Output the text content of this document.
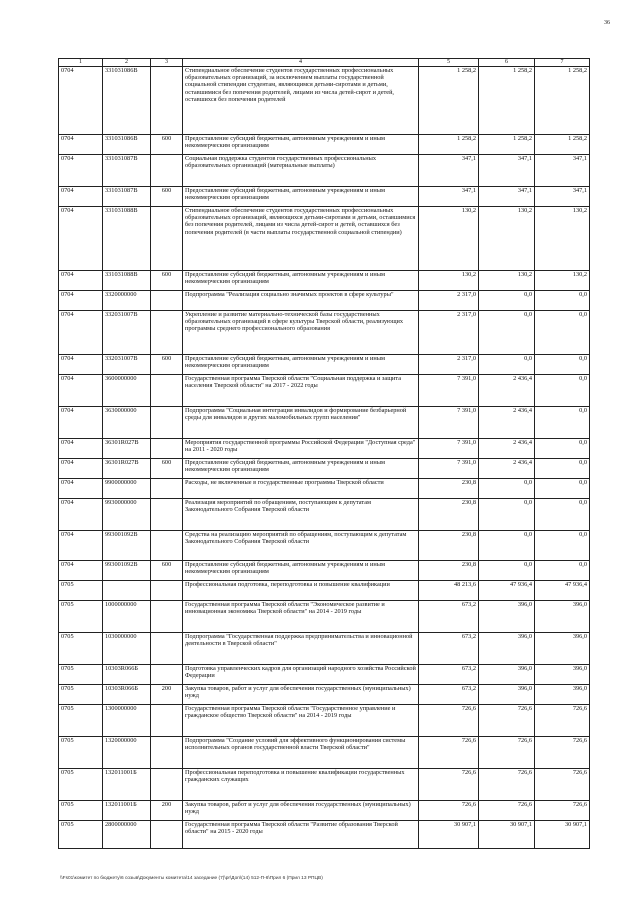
36
1	2	3	4	5	6	7
0704	331031086В		Стипендиальное обеспечение студентов государственных профессиональных образовательных организаций, за исключением выплаты государственной социальной стипендии студентам, являющимся детьми-сиротами и детьми, оставшимися без попечения родителей, лицами из числа детей-сирот и детей, оставшихся без попечения родителей	1 258,2	1 258,2	1 258,2
0704	331031086В	600	Предоставление субсидий бюджетным, автономным учреждениям и иным некоммерческим организациям	1 258,2	1 258,2	1 258,2
0704	331031087В		Социальная поддержка студентов государственных профессиональных образовательных организаций (материальные выплаты)	347,1	347,1	347,1
0704	331031087В	600	Предоставление субсидий бюджетным, автономным учреждениям и иным некоммерческим организациям	347,1	347,1	347,1
0704	331031088В		Стипендиальное обеспечение студентов государственных профессиональных образовательных организаций, являющихся детьми-сиротами и детьми, оставшимися без попечения родителей, лицами из числа детей-сирот и детей, оставшихся без попечения родителей (в части выплаты государственной социальной стипендии)	130,2	130,2	130,2
0704	331031088В	600	Предоставление субсидий бюджетным, автономным учреждениям и иным некоммерческим организациям	130,2	130,2	130,2
0704	3320000000		Подпрограмма "Реализация социально значимых проектов в сфере культуры"	2 317,0	0,0	0,0
0704	332031007В		Укрепление и развитие материально-технической базы государственных образовательных организаций в сфере культуры Тверской области, реализующих программы среднего профессионального образования	2 317,0	0,0	0,0
0704	332031007В	600	Предоставление субсидий бюджетным, автономным учреждениям и иным некоммерческим организациям	2 317,0	0,0	0,0
0704	3600000000		Государственная программа Тверской области "Социальная поддержка и защита населения Тверской области" на 2017 - 2022 годы	7 391,0	2 436,4	0,0
0704	3630000000		Подпрограмма "Социальная интеграция инвалидов и формирование безбарьерной среды для инвалидов и других маломобильных групп населения"	7 391,0	2 436,4	0,0
0704	36301R027В		Мероприятия государственной программы Российской Федерации "Доступная среда" на 2011 - 2020 годы	7 391,0	2 436,4	0,0
0704	36301R027В	600	Предоставление субсидий бюджетным, автономным учреждениям и иным некоммерческим организациям	7 391,0	2 436,4	0,0
0704	9900000000		Расходы, не включенные в государственные программы Тверской области	230,8	0,0	0,0
0704	9930000000		Реализация мероприятий по обращениям, поступающим к депутатам Законодательного Собрания Тверской области	230,8	0,0	0,0
0704	993001092В		Средства на реализацию мероприятий по обращениям, поступающим к депутатам Законодательного Собрания Тверской области	230,8	0,0	0,0
0704	993001092В	600	Предоставление субсидий бюджетным, автономным учреждениям и иным некоммерческим организациям	230,8	0,0	0,0
0705			Профессиональная подготовка, переподготовка и повышение квалификации	48 213,6	47 936,4	47 936,4
0705	1000000000		Государственная программа Тверской области "Экономическое развитие и инновационная экономика Тверской области" на 2014 - 2019 годы	673,2	396,0	396,0
0705	1030000000		Подпрограмма "Государственная поддержка предпринимательства и инновационной деятельности в Тверской области"	673,2	396,0	396,0
0705	10303R066Б		Подготовка управленческих кадров для организаций народного хозяйства Российской Федерации	673,2	396,0	396,0
0705	10303R066Б	200	Закупка товаров, работ и услуг для обеспечения государственных (муниципальных) нужд	673,2	396,0	396,0
0705	1300000000		Государственная программа Тверской области "Государственное управление и гражданское общество Тверской области" на 2014 - 2019 годы	726,6	726,6	726,6
0705	1320000000		Подпрограмма "Создание условий для эффективного функционирования системы исполнительных органов государственной власти Тверской области"	726,6	726,6	726,6
0705	132011001Б		Профессиональная переподготовка и повышение квалификации государственных гражданских служащих	726,6	726,6	726,6
0705	132011001Б	200	Закупка товаров, работ и услуг для обеспечения государственных (муниципальных) нужд	726,6	726,6	726,6
0705	2800000000		Государственная программа Тверской области "Развитие образования Тверской области" на 2015 - 2020 годы	30 907,1	30 907,1	30 907,1
\\Fs01\комитет по бюджету\6 созыв\Документы комитета\14 заседание (7)\pr\Доп\(14) 512-П-6\Прил 6 (Прил 13 РПЦВ)
